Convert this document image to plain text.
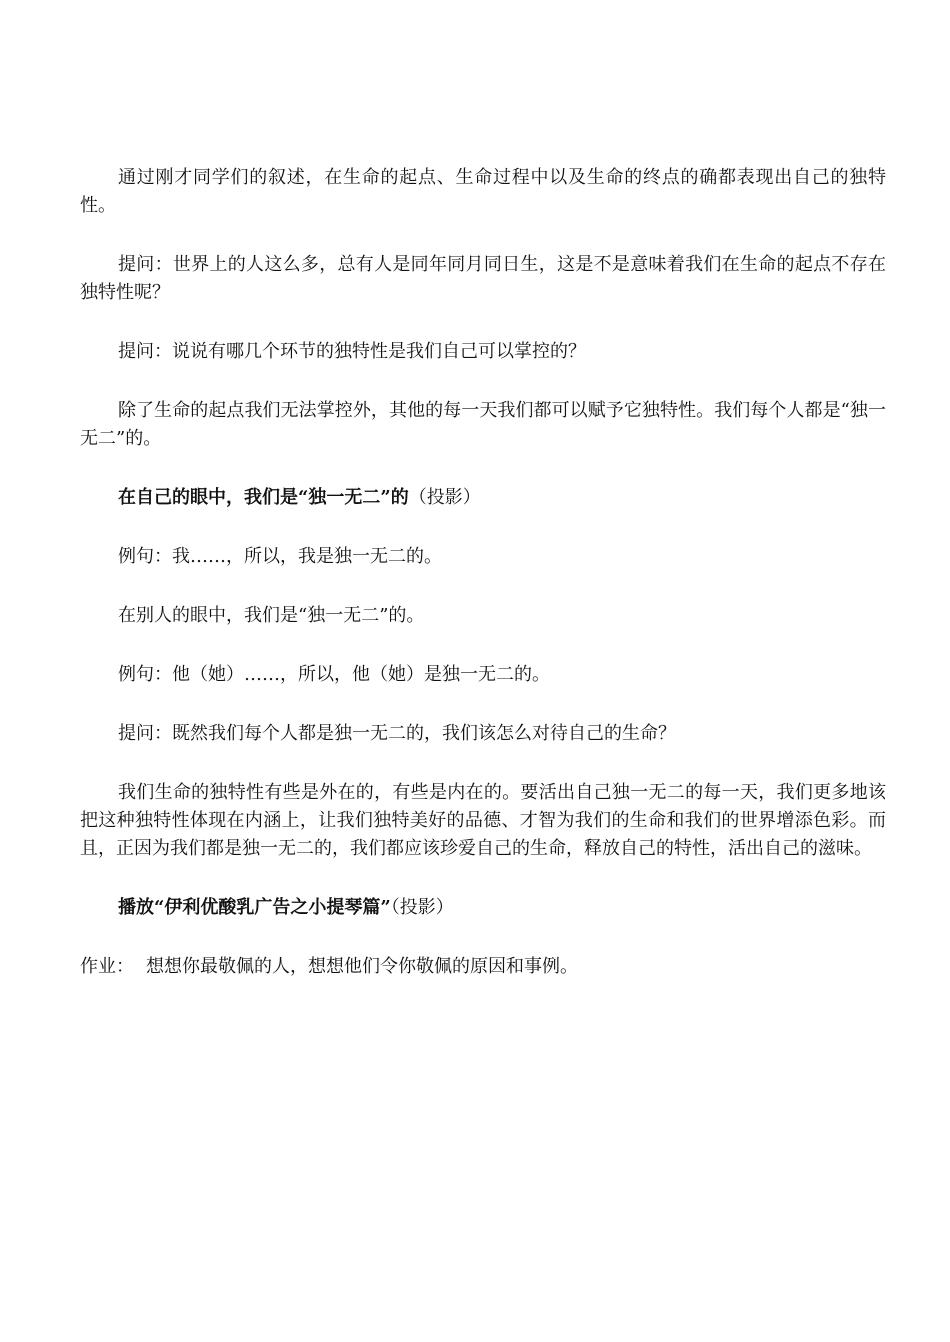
通过刚才同学们的叙述，在生命的起点、生命过程中以及生命的终点的确都表现出自己的独特性。

提问：世界上的人这么多，总有人是同年同月同日生，这是不是意味着我们在生命的起点不存在独特性呢？

提问：说说有哪几个环节的独特性是我们自己可以掌控的？

除了生命的起点我们无法掌控外，其他的每一天我们都可以赋予它独特性。我们每个人都是“独一无二”的。

在自己的眼中，我们是“独一无二”的（投影）

例句：我……，所以，我是独一无二的。

在别人的眼中，我们是“独一无二”的。

例句：他（她）……，所以，他（她）是独一无二的。

提问：既然我们每个人都是独一无二的，我们该怎么对待自己的生命？

我们生命的独特性有些是外在的，有些是内在的。要活出自己独一无二的每一天，我们更多地该把这种独特性体现在内涵上，让我们独特美好的品德、才智为我们的生命和我们的世界增添色彩。而且，正因为我们都是独一无二的，我们都应该珍爱自己的生命，释放自己的特性，活出自己的滋味。

播放“伊利优酸乳广告之小提琴篇”（投影）

作业： 想想你最敬佩的人，想想他们令你敬佩的原因和事例。
